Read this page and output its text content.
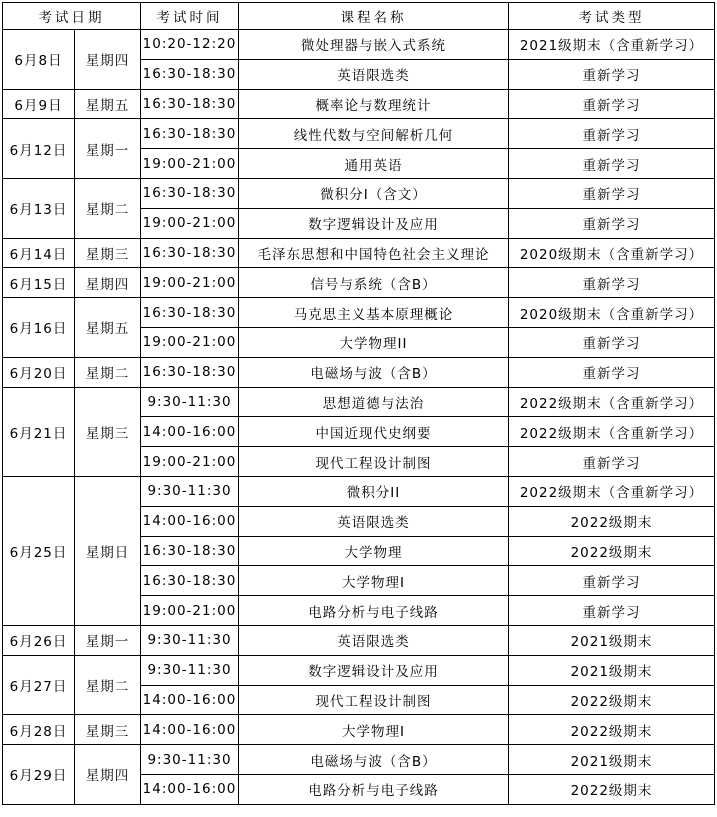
考试日期		考试时间	课程名称	考试类型
6月8日	星期四	10:20-12:20	微处理器与嵌入式系统	2021级期末（含重新学习）
		16:30-18:30	英语限选类	重新学习
6月9日	星期五	16:30-18:30	概率论与数理统计	重新学习
6月12日	星期一	16:30-18:30	线性代数与空间解析几何	重新学习
		19:00-21:00	通用英语	重新学习
6月13日	星期二	16:30-18:30	微积分I（含文）	重新学习
		19:00-21:00	数字逻辑设计及应用	重新学习
6月14日	星期三	16:30-18:30	毛泽东思想和中国特色社会主义理论	2020级期末（含重新学习）
6月15日	星期四	19:00-21:00	信号与系统（含B）	重新学习
6月16日	星期五	16:30-18:30	马克思主义基本原理概论	2020级期末（含重新学习）
		19:00-21:00	大学物理II	重新学习
6月20日	星期二	16:30-18:30	电磁场与波（含B）	重新学习
6月21日	星期三	9:30-11:30	思想道德与法治	2022级期末（含重新学习）
		14:00-16:00	中国近现代史纲要	2022级期末（含重新学习）
		19:00-21:00	现代工程设计制图	重新学习
6月25日	星期日	9:30-11:30	微积分II	2022级期末（含重新学习）
		14:00-16:00	英语限选类	2022级期末
		16:30-18:30	大学物理	2022级期末
		16:30-18:30	大学物理I	重新学习
		19:00-21:00	电路分析与电子线路	重新学习
6月26日	星期一	9:30-11:30	英语限选类	2021级期末
6月27日	星期二	9:30-11:30	数字逻辑设计及应用	2021级期末
		14:00-16:00	现代工程设计制图	2022级期末
6月28日	星期三	14:00-16:00	大学物理I	2022级期末
6月29日	星期四	9:30-11:30	电磁场与波（含B）	2021级期末
		14:00-16:00	电路分析与电子线路	2022级期末
